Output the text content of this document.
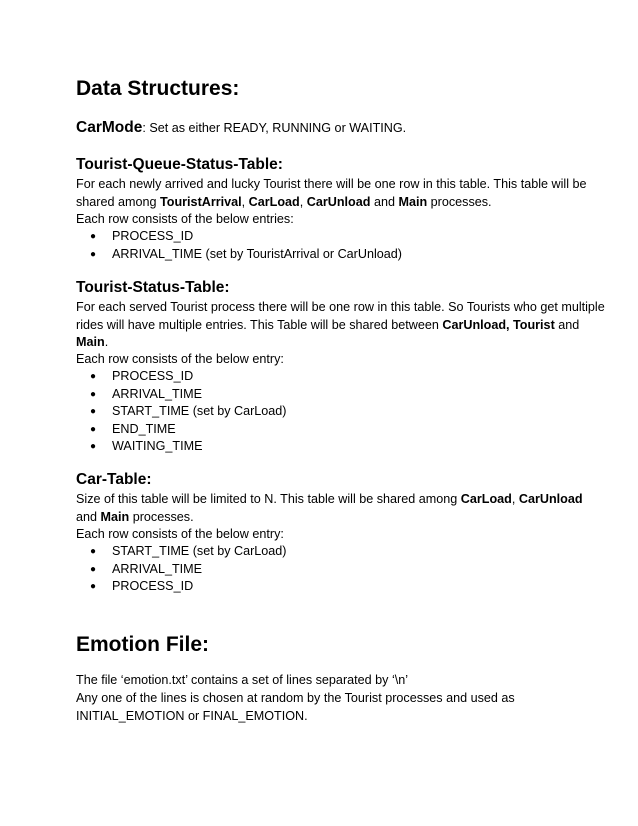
Data Structures:
CarMode: Set as either READY, RUNNING or WAITING.
Tourist-Queue-Status-Table:

For each newly arrived and lucky Tourist there will be one row in this table. This table will be shared among TouristArrival, CarLoad, CarUnload and Main processes.

Each row consists of the below entries:

● PROCESS_ID
● ARRIVAL_TIME (set by TouristArrival or CarUnload)
Tourist-Status-Table:

For each served Tourist process there will be one row in this table. So Tourists who get multiple rides will have multiple entries. This Table will be shared between CarUnload, Tourist and Main.

Each row consists of the below entry:

● PROCESS_ID
● ARRIVAL_TIME
● START_TIME (set by CarLoad)
● END_TIME
● WAITING_TIME
Car-Table:

Size of this table will be limited to N. This table will be shared among CarLoad, CarUnload and Main processes.

Each row consists of the below entry:

● START_TIME (set by CarLoad)
● ARRIVAL_TIME
● PROCESS_ID
Emotion File:

The file ‘emotion.txt’ contains a set of lines separated by ‘\n’

Any one of the lines is chosen at random by the Tourist processes and used as INITIAL_EMOTION or FINAL_EMOTION.
